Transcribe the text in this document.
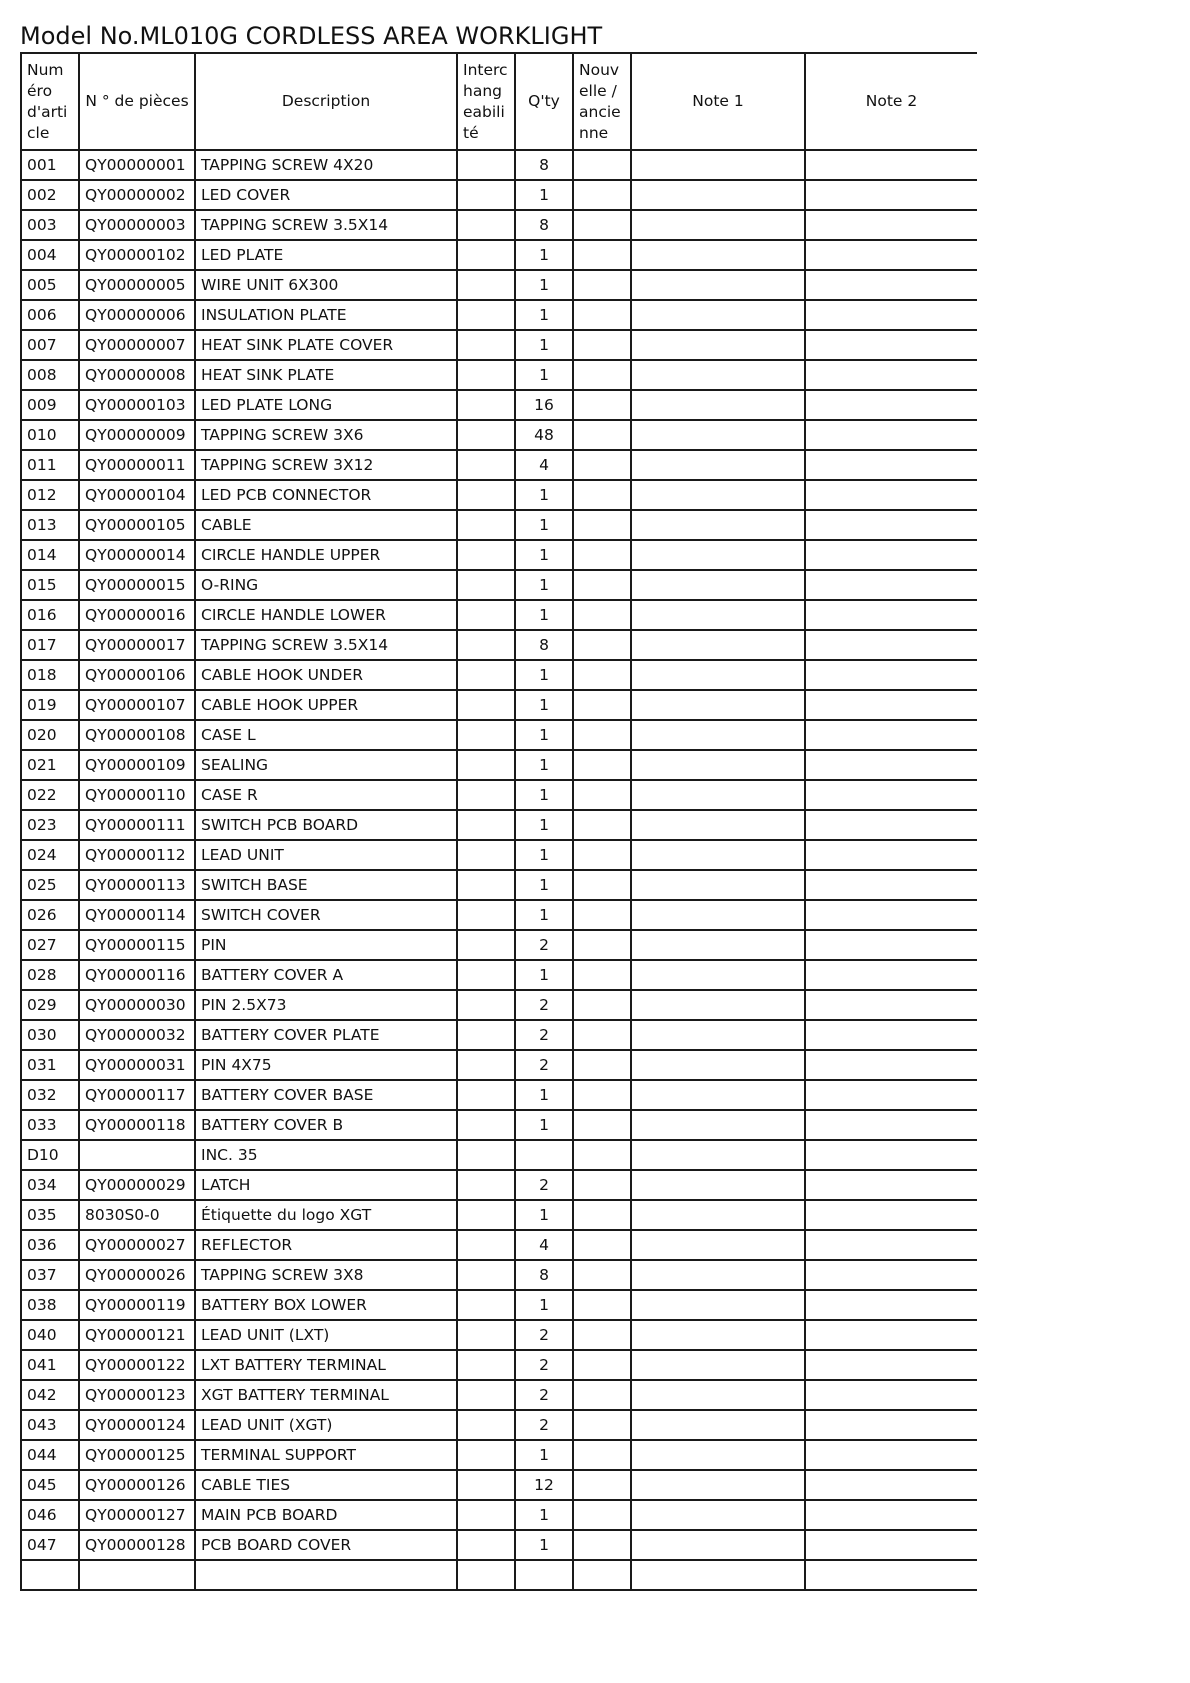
Model No.ML010G CORDLESS AREA WORKLIGHT
Numéro d'article	N ° de pièces	Description	Interchangeabilité	Q'ty	Nouvelle / ancienne	Note 1	Note 2
001	QY00000001	TAPPING SCREW 4X20		8			
002	QY00000002	LED COVER		1			
003	QY00000003	TAPPING SCREW 3.5X14		8			
004	QY00000102	LED PLATE		1			
005	QY00000005	WIRE UNIT 6X300		1			
006	QY00000006	INSULATION PLATE		1			
007	QY00000007	HEAT SINK PLATE COVER		1			
008	QY00000008	HEAT SINK PLATE		1			
009	QY00000103	LED PLATE LONG		16			
010	QY00000009	TAPPING SCREW 3X6		48			
011	QY00000011	TAPPING SCREW 3X12		4			
012	QY00000104	LED PCB CONNECTOR		1			
013	QY00000105	CABLE		1			
014	QY00000014	CIRCLE HANDLE UPPER		1			
015	QY00000015	O-RING		1			
016	QY00000016	CIRCLE HANDLE LOWER		1			
017	QY00000017	TAPPING SCREW 3.5X14		8			
018	QY00000106	CABLE HOOK UNDER		1			
019	QY00000107	CABLE HOOK UPPER		1			
020	QY00000108	CASE L		1			
021	QY00000109	SEALING		1			
022	QY00000110	CASE R		1			
023	QY00000111	SWITCH PCB BOARD		1			
024	QY00000112	LEAD UNIT		1			
025	QY00000113	SWITCH BASE		1			
026	QY00000114	SWITCH COVER		1			
027	QY00000115	PIN		2			
028	QY00000116	BATTERY COVER A		1			
029	QY00000030	PIN 2.5X73		2			
030	QY00000032	BATTERY COVER PLATE		2			
031	QY00000031	PIN 4X75		2			
032	QY00000117	BATTERY COVER BASE		1			
033	QY00000118	BATTERY COVER B		1			
D10		INC. 35					
034	QY00000029	LATCH		2			
035	8030S0-0	Étiquette du logo XGT		1			
036	QY00000027	REFLECTOR		4			
037	QY00000026	TAPPING SCREW 3X8		8			
038	QY00000119	BATTERY BOX LOWER		1			
040	QY00000121	LEAD UNIT (LXT)		2			
041	QY00000122	LXT BATTERY TERMINAL		2			
042	QY00000123	XGT BATTERY TERMINAL		2			
043	QY00000124	LEAD UNIT (XGT)		2			
044	QY00000125	TERMINAL SUPPORT		1			
045	QY00000126	CABLE TIES		12			
046	QY00000127	MAIN PCB BOARD		1			
047	QY00000128	PCB BOARD COVER		1			
